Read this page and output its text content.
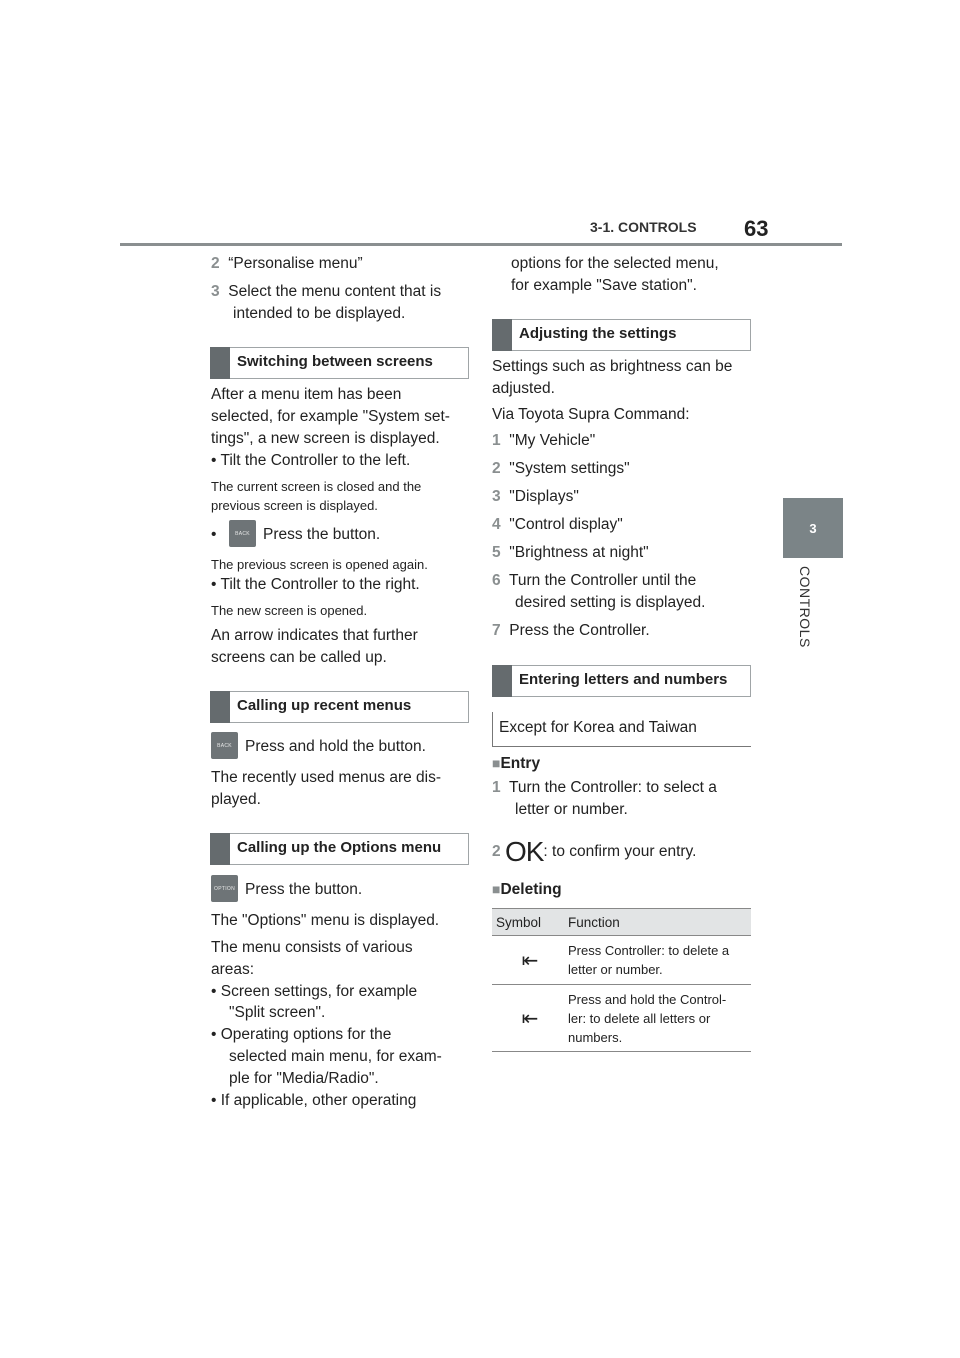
3-1. CONTROLS 63
3
CONTROLS
2 “Personalise menu”
3 Select the menu content that is
intended to be displayed.
Switching between screens
After a menu item has been
selected, for example "System set-
tings", a new screen is displayed.
• Tilt the Controller to the left.
The current screen is closed and the
previous screen is displayed.
•	BACK Press the button.
The previous screen is opened again.
• Tilt the Controller to the right.
The new screen is opened.
An arrow indicates that further
screens can be called up.
Calling up recent menus
BACK Press and hold the button.
The recently used menus are dis-
played.
Calling up the Options menu
OPTION Press the button.
The "Options" menu is displayed.
The menu consists of various
areas:
• Screen settings, for example
"Split screen".
• Operating options for the
selected main menu, for exam-
ple for "Media/Radio".
• If applicable, other operating
options for the selected menu,
for example "Save station".
Adjusting the settings
Settings such as brightness can be
adjusted.
Via Toyota Supra Command:
1 "My Vehicle"
2 "System settings"
3 "Displays"
4 "Control display"
5 "Brightness at night"
6 Turn the Controller until the
desired setting is displayed.
7 Press the Controller.
Entering letters and numbers
Except for Korea and Taiwan
■Entry
1 Turn the Controller: to select a
letter or number.
2 OK: to confirm your entry.
■Deleting
Symbol	Function
⇤	Press Controller: to delete a
letter or number.

⇤	Press and hold the Control-
ler: to delete all letters or
numbers.
